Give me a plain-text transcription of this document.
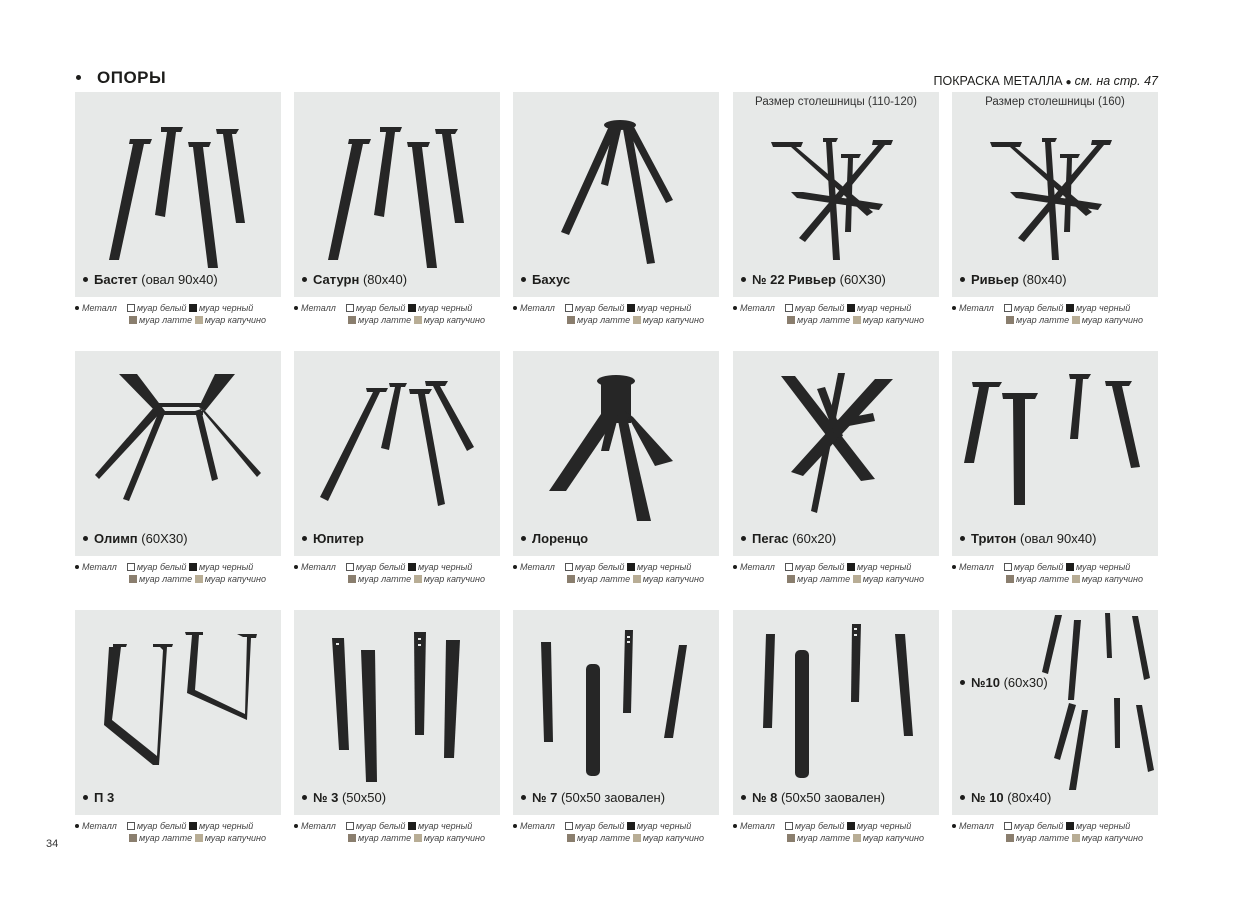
ОПОРЫ	ПОКРАСКА МЕТАЛЛА ● см. на стр. 47
34
Бастет (овал 90х40)
Металл муар белый муар черный
муар латте муар капучино
Сатурн (80х40)
Металл муар белый муар черный
муар латте муар капучино
Бахус
Металл муар белый муар черный
муар латте муар капучино
Размер столешницы (110-120)
№ 22 Ривьер (60Х30)
Металл муар белый муар черный
муар латте муар капучино
Размер столешницы (160)
Ривьер (80х40)
Металл муар белый муар черный
муар латте муар капучино
Олимп (60Х30)
Металл муар белый муар черный
муар латте муар капучино
Юпитер
Металл муар белый муар черный
муар латте муар капучино
Лоренцо
Металл муар белый муар черный
муар латте муар капучино
Пегас (60х20)
Металл муар белый муар черный
муар латте муар капучино
Тритон (овал 90х40)
Металл муар белый муар черный
муар латте муар капучино
П 3
Металл муар белый муар черный
муар латте муар капучино
№ 3 (50х50)
Металл муар белый муар черный
муар латте муар капучино
№ 7 (50х50 заовален)
Металл муар белый муар черный
муар латте муар капучино
№ 8 (50х50 заовален)
Металл муар белый муар черный
муар латте муар капучино
№10 (60х30)
№ 10 (80х40)
Металл муар белый муар черный
муар латте муар капучино
